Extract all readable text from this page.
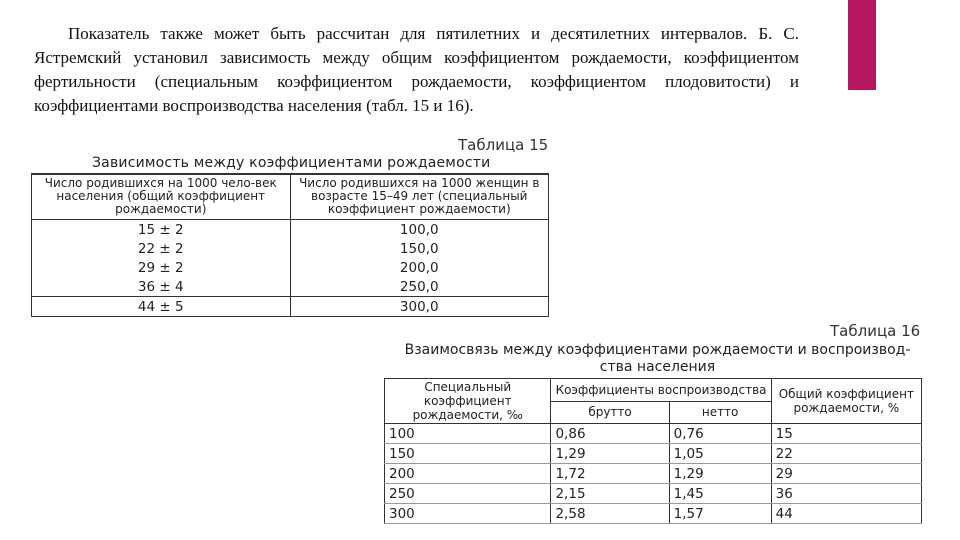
Показатель также может быть рассчитан для пятилетних и десятилетних интервалов. Б. С. Ястремский установил зависимость между общим коэффициентом рождаемости, коэффициентом фертильности (специальным коэффициентом рождаемости, коэффициентом плодовитости) и коэффициентами воспроизводства населения (табл. 15 и 16).
Таблица 15
Зависимость между коэффициентами рождаемости
Число родившихся на 1000 чело-век населения (общий коэффициент рождаемости)	Число родившихся на 1000 женщин в возрасте 15–49 лет (специальный коэффициент рождаемости)
15 ± 2	100,0
22 ± 2	150,0
29 ± 2	200,0
36 ± 4	250,0
44 ± 5	300,0
Таблица 16
Взаимосвязь между коэффициентами рождаемости и воспроизвод-ства населения
Специальный коэффициент рождаемости, ‰	Коэффициенты воспроизводства		Общий коэффициент рождаемости, %
	брутто	нетто	
100	0,86	0,76	15
150	1,29	1,05	22
200	1,72	1,29	29
250	2,15	1,45	36
300	2,58	1,57	44
